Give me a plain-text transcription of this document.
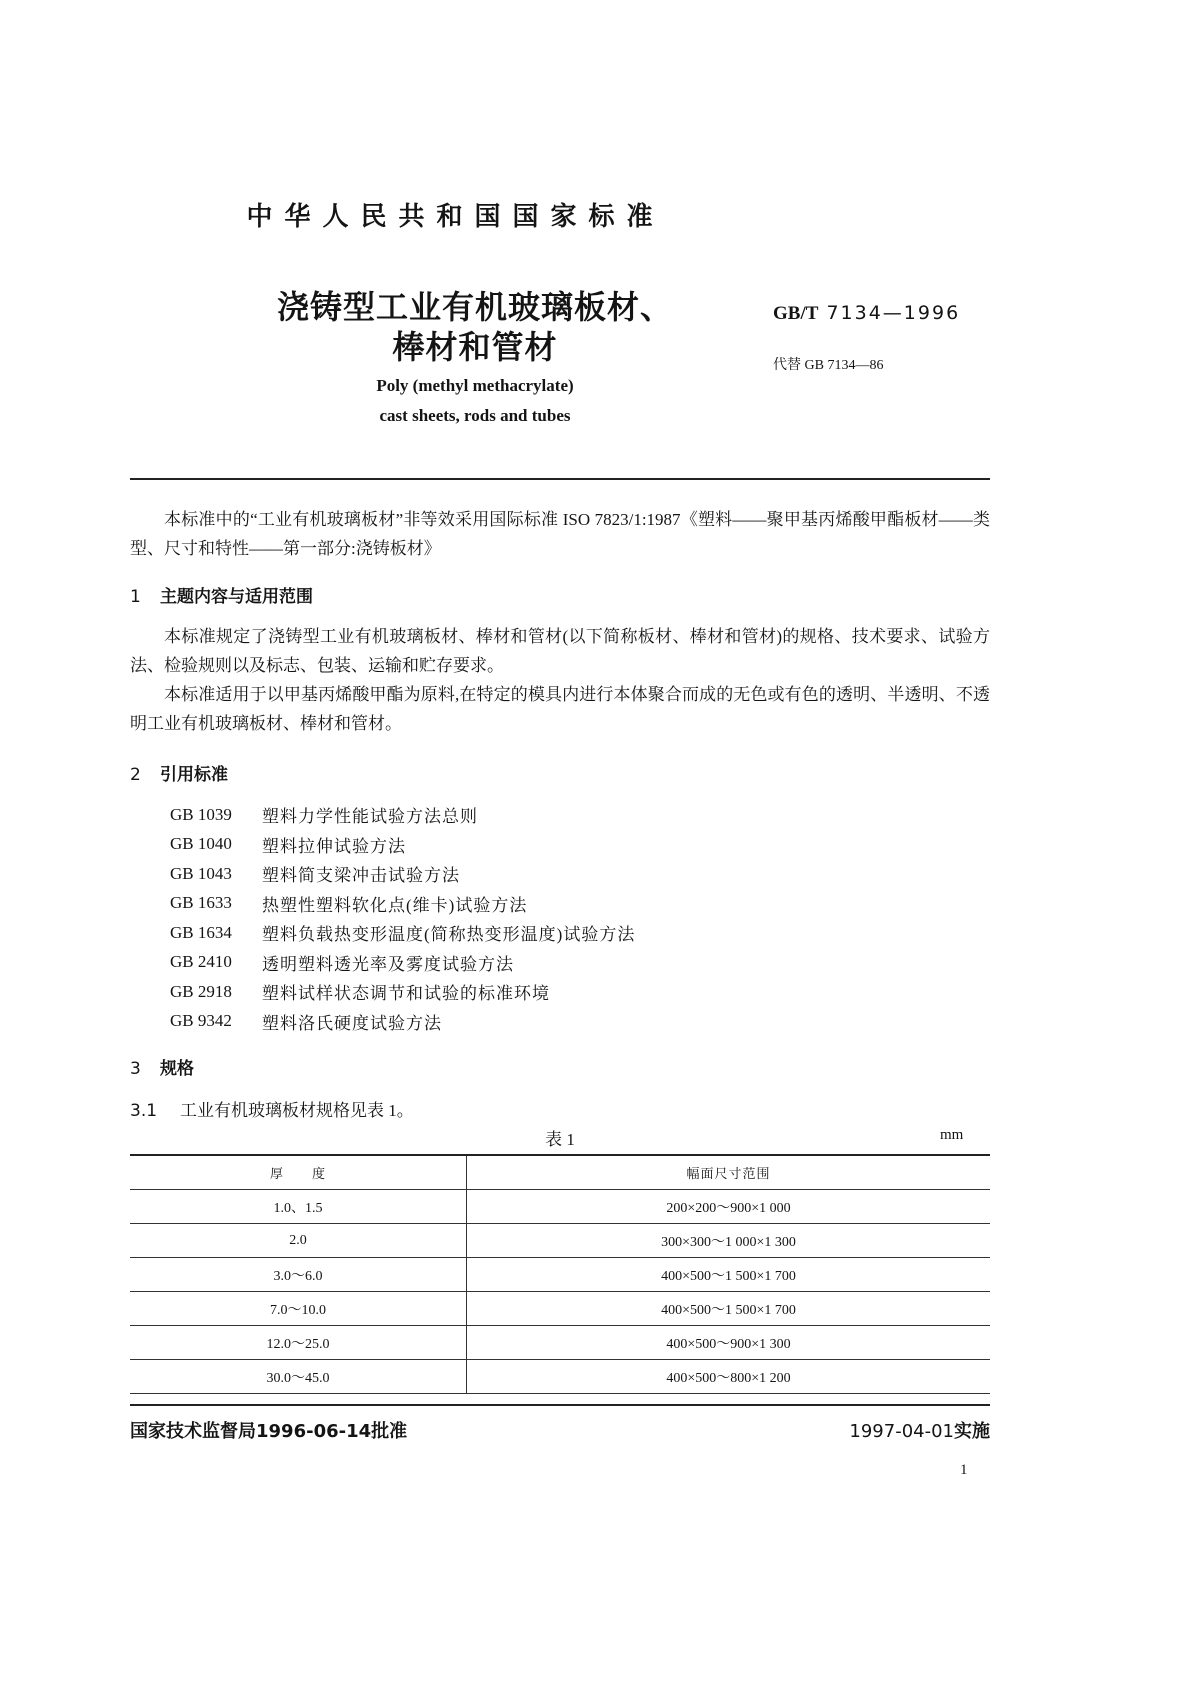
中华人民共和国国家标准
浇铸型工业有机玻璃板材、
棒材和管材
Poly (methyl methacrylate)
cast sheets, rods and tubes
GB/T 7134—1996
代替 GB 7134—86
本标准中的“工业有机玻璃板材”非等效采用国际标准 ISO 7823/1:1987《塑料——聚甲基丙烯酸甲酯板材——类型、尺寸和特性——第一部分:浇铸板材》
1 主题内容与适用范围
本标准规定了浇铸型工业有机玻璃板材、棒材和管材(以下简称板材、棒材和管材)的规格、技术要求、试验方法、检验规则以及标志、包装、运输和贮存要求。
本标准适用于以甲基丙烯酸甲酯为原料,在特定的模具内进行本体聚合而成的无色或有色的透明、半透明、不透明工业有机玻璃板材、棒材和管材。
2 引用标准
GB 1039	塑料力学性能试验方法总则
GB 1040	塑料拉伸试验方法
GB 1043	塑料简支梁冲击试验方法
GB 1633	热塑性塑料软化点(维卡)试验方法
GB 1634	塑料负载热变形温度(简称热变形温度)试验方法
GB 2410	透明塑料透光率及雾度试验方法
GB 2918	塑料试样状态调节和试验的标准环境
GB 9342	塑料洛氏硬度试验方法
3 规格
3.1 工业有机玻璃板材规格见表 1。
表 1	mm
厚　　度	幅面尺寸范围
1.0、1.5	200×200～900×1 000
2.0	300×300～1 000×1 300
3.0～6.0	400×500～1 500×1 700
7.0～10.0	400×500～1 500×1 700
12.0～25.0	400×500～900×1 300
30.0～45.0	400×500～800×1 200
国家技术监督局1996-06-14批准	1997-04-01实施
1
